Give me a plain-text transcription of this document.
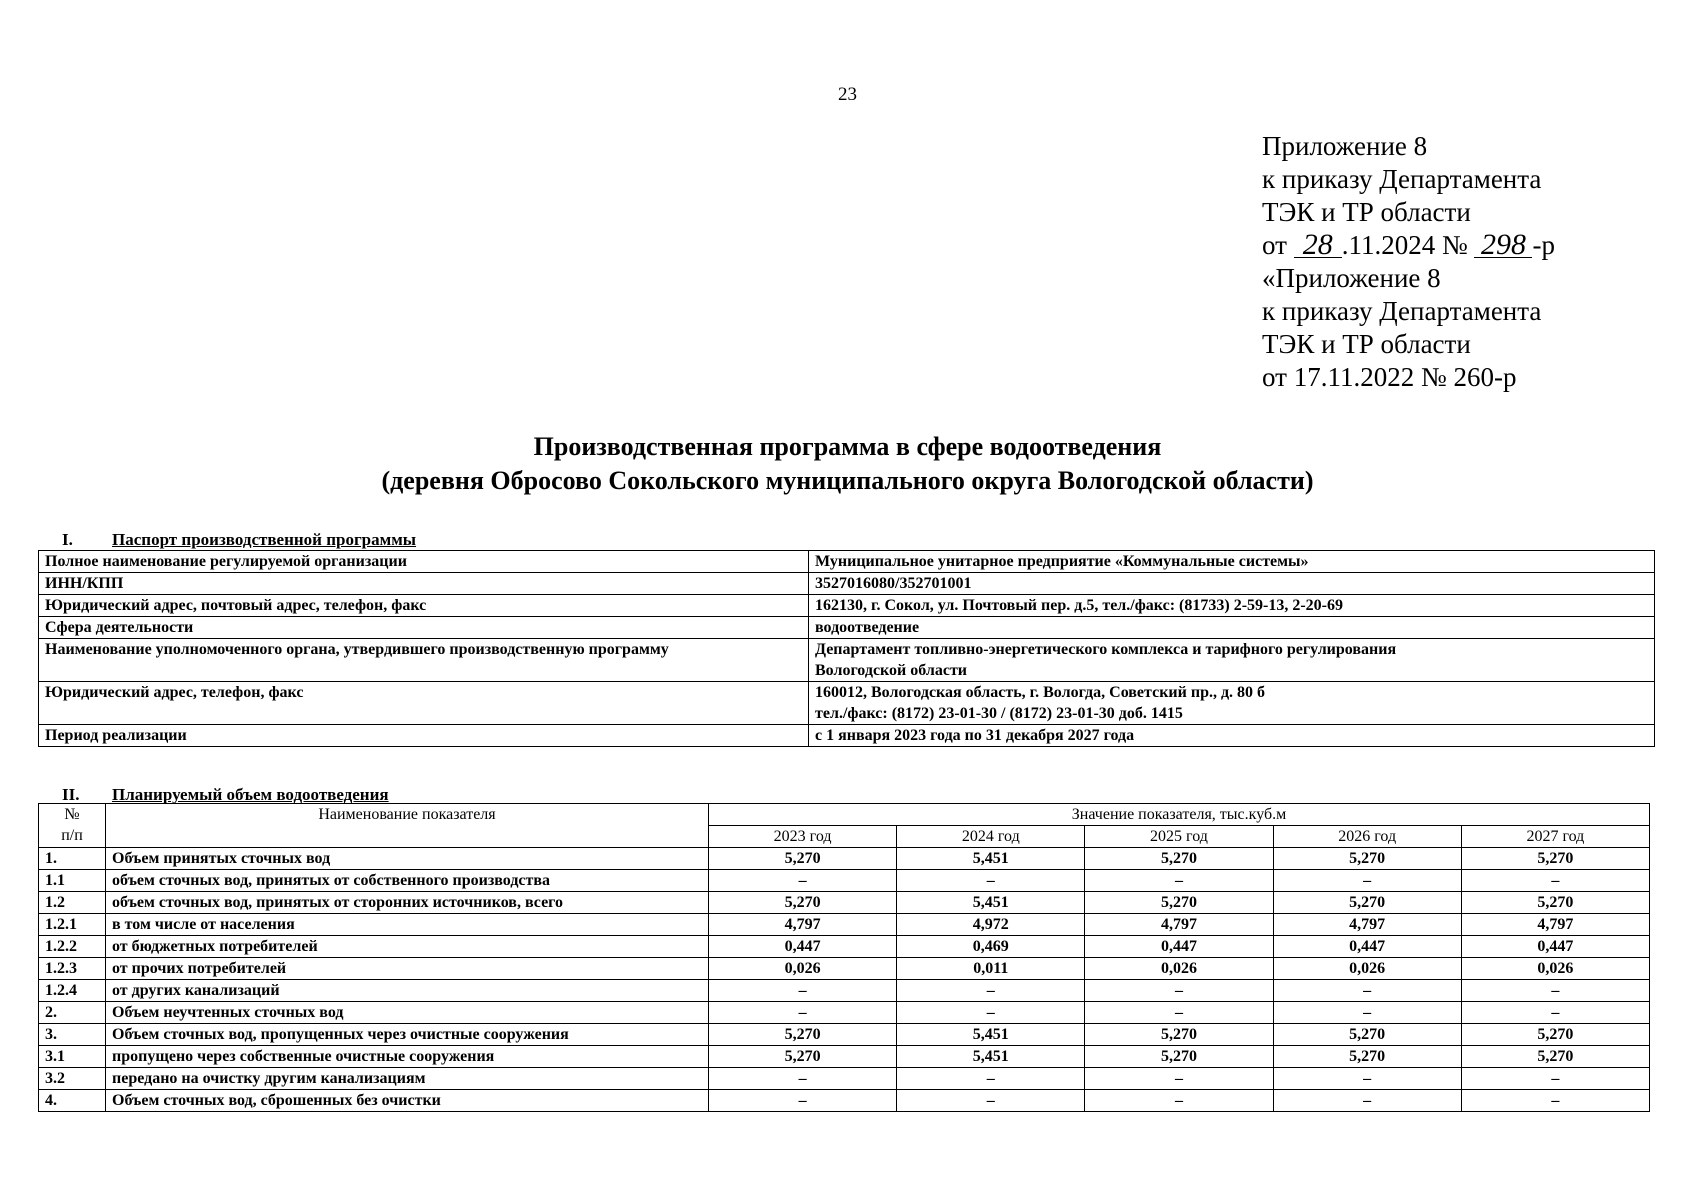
23
Приложение 8
к приказу Департамента
ТЭК и ТР области
от 28 .11.2024 № 298 -р
«Приложение 8
к приказу Департамента
ТЭК и ТР области
от 17.11.2022 № 260-р
Производственная программа в сфере водоотведения
(деревня Обросово Сокольского муниципального округа Вологодской области)
I. Паспорт производственной программы
Полное наименование регулируемой организации	Муниципальное унитарное предприятие «Коммунальные системы»

ИНН/КПП	3527016080/352701001

Юридический адрес, почтовый адрес, телефон, факс	162130, г. Сокол, ул. Почтовый пер. д.5, тел./факс: (81733) 2-59-13, 2-20-69

Сфера деятельности	водоотведение

Наименование уполномоченного органа, утвердившего производственную программу	Департамент топливно-энергетического комплекса и тарифного регулирования
Вологодской области

Юридический адрес, телефон, факс	160012, Вологодская область, г. Вологда, Советский пр., д. 80 б
тел./факс: (8172) 23-01-30 / (8172) 23-01-30 доб. 1415

Период реализации	с 1 января 2023 года по 31 декабря 2027 года
II. Планируемый объем водоотведения
№
п/п	Наименование показателя	Значение показателя, тыс.куб.м				
		2023 год	2024 год	2025 год	2026 год	2027 год
1.	Объем принятых сточных вод	5,270	5,451	5,270	5,270	5,270
1.1	объем сточных вод, принятых от собственного производства	–	–	–	–	–
1.2	объем сточных вод, принятых от сторонних источников, всего	5,270	5,451	5,270	5,270	5,270
1.2.1	в том числе от населения	4,797	4,972	4,797	4,797	4,797
1.2.2	от бюджетных потребителей	0,447	0,469	0,447	0,447	0,447
1.2.3	от прочих потребителей	0,026	0,011	0,026	0,026	0,026
1.2.4	от других канализаций	–	–	–	–	–
2.	Объем неучтенных сточных вод	–	–	–	–	–
3.	Объем сточных вод, пропущенных через очистные сооружения	5,270	5,451	5,270	5,270	5,270
3.1	пропущено через собственные очистные сооружения	5,270	5,451	5,270	5,270	5,270
3.2	передано на очистку другим канализациям	–	–	–	–	–
4.	Объем сточных вод, сброшенных без очистки	–	–	–	–	–
